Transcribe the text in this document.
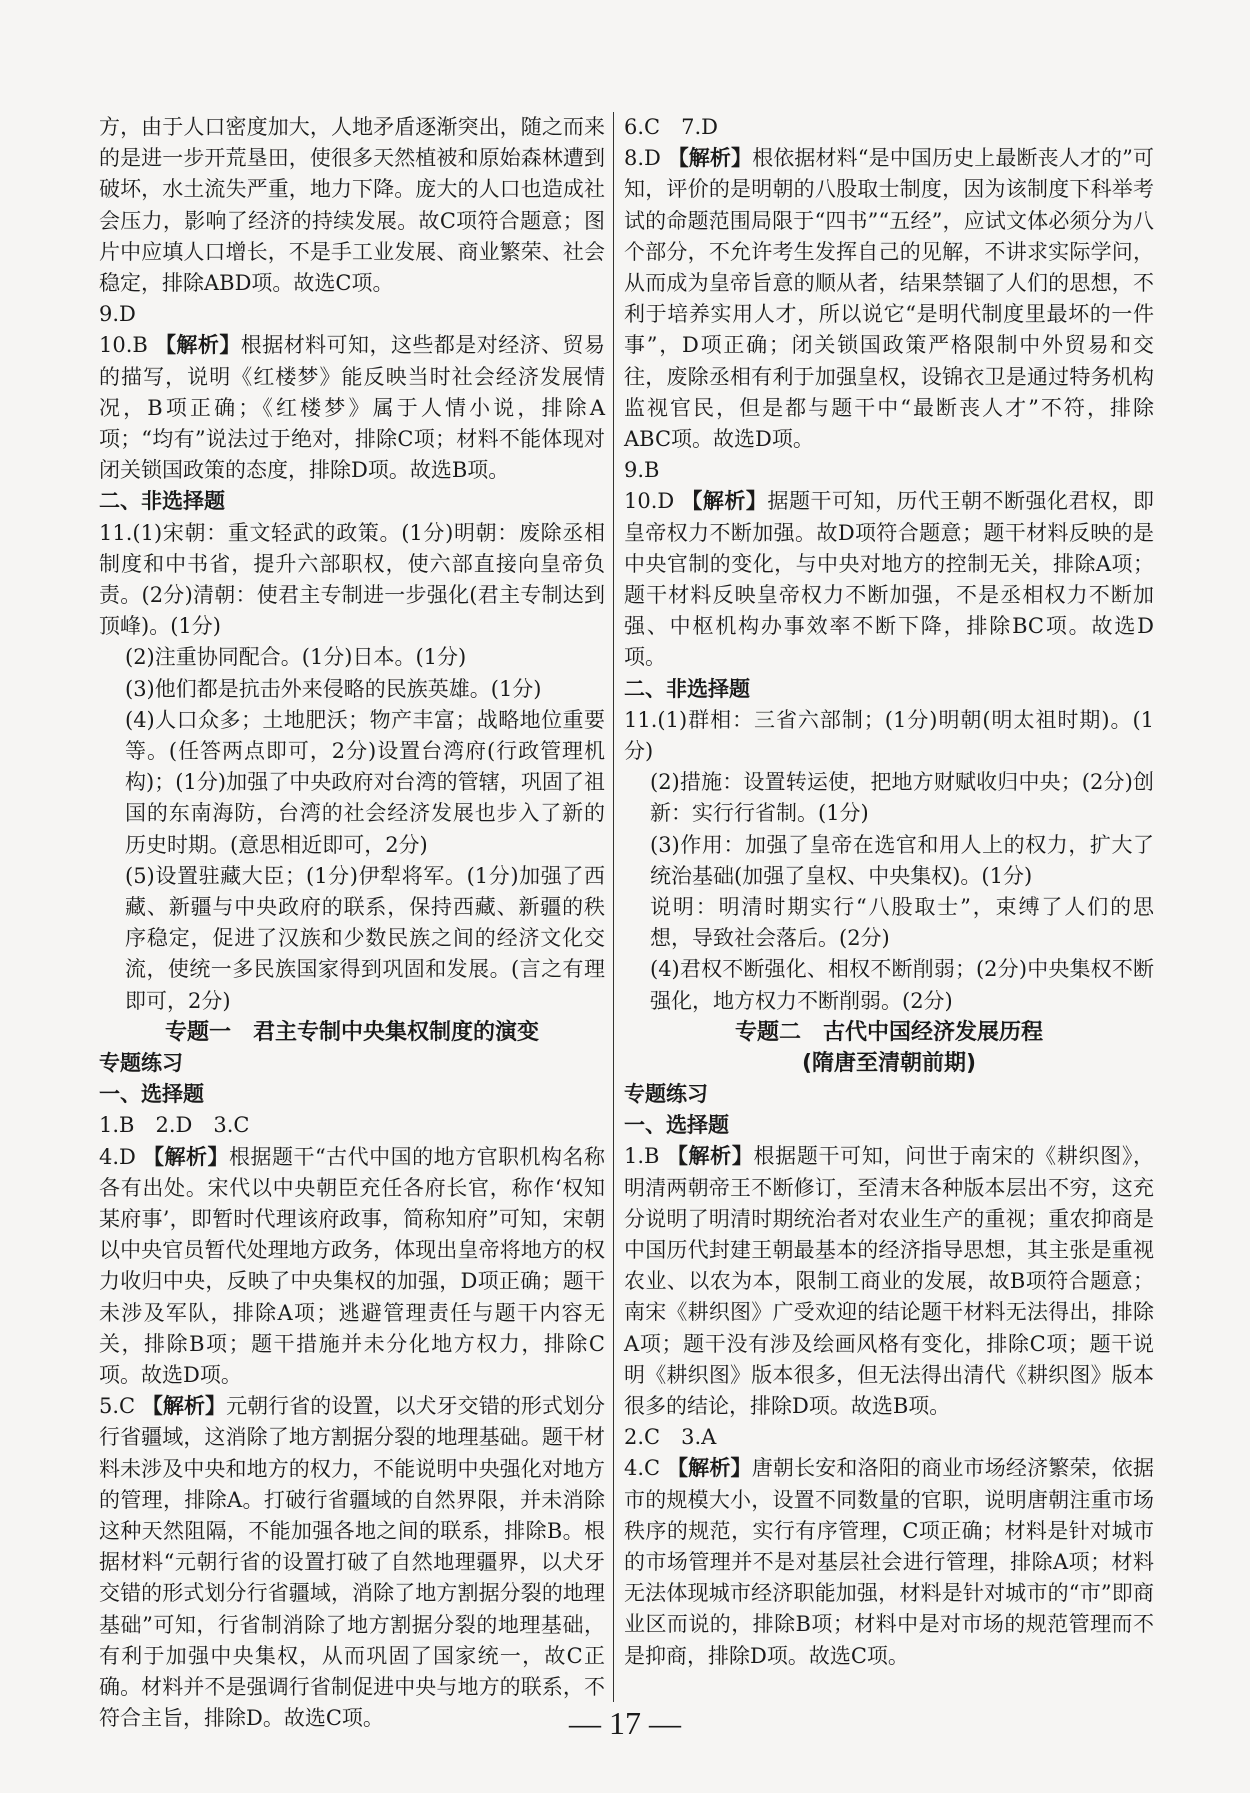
方，由于人口密度加大，人地矛盾逐渐突出，随之而来的是进一步开荒垦田，使很多天然植被和原始森林遭到破坏，水土流失严重，地力下降。庞大的人口也造成社会压力，影响了经济的持续发展。故C项符合题意；图片中应填人口增长，不是手工业发展、商业繁荣、社会稳定，排除ABD项。故选C项。
9.D
10.B 【解析】根据材料可知，这些都是对经济、贸易的描写，说明《红楼梦》能反映当时社会经济发展情况，B项正确；《红楼梦》属于人情小说，排除A项；“均有”说法过于绝对，排除C项；材料不能体现对闭关锁国政策的态度，排除D项。故选B项。
二、非选择题
11.(1)宋朝：重文轻武的政策。(1分)明朝：废除丞相制度和中书省，提升六部职权，使六部直接向皇帝负责。(2分)清朝：使君主专制进一步强化(君主专制达到顶峰)。(1分)
(2)注重协同配合。(1分)日本。(1分)
(3)他们都是抗击外来侵略的民族英雄。(1分)
(4)人口众多；土地肥沃；物产丰富；战略地位重要等。(任答两点即可，2分)设置台湾府(行政管理机构)；(1分)加强了中央政府对台湾的管辖，巩固了祖国的东南海防，台湾的社会经济发展也步入了新的历史时期。(意思相近即可，2分)
(5)设置驻藏大臣；(1分)伊犁将军。(1分)加强了西藏、新疆与中央政府的联系，保持西藏、新疆的秩序稳定，促进了汉族和少数民族之间的经济文化交流，使统一多民族国家得到巩固和发展。(言之有理即可，2分)
专题一　君主专制中央集权制度的演变
专题练习
一、选择题
1.B　2.D　3.C
4.D 【解析】根据题干“古代中国的地方官职机构名称各有出处。宋代以中央朝臣充任各府长官，称作‘权知某府事’，即暂时代理该府政事，简称知府”可知，宋朝以中央官员暂代处理地方政务，体现出皇帝将地方的权力收归中央，反映了中央集权的加强，D项正确；题干未涉及军队，排除A项；逃避管理责任与题干内容无关，排除B项；题干措施并未分化地方权力，排除C项。故选D项。
5.C 【解析】元朝行省的设置，以犬牙交错的形式划分行省疆域，这消除了地方割据分裂的地理基础。题干材料未涉及中央和地方的权力，不能说明中央强化对地方的管理，排除A。打破行省疆域的自然界限，并未消除这种天然阻隔，不能加强各地之间的联系，排除B。根据材料“元朝行省的设置打破了自然地理疆界，以犬牙交错的形式划分行省疆域，消除了地方割据分裂的地理基础”可知，行省制消除了地方割据分裂的地理基础，有利于加强中央集权，从而巩固了国家统一，故C正确。材料并不是强调行省制促进中央与地方的联系，不符合主旨，排除D。故选C项。
6.C　7.D
8.D 【解析】根依据材料“是中国历史上最断丧人才的”可知，评价的是明朝的八股取士制度，因为该制度下科举考试的命题范围局限于“四书”“五经”，应试文体必须分为八个部分，不允许考生发挥自己的见解，不讲求实际学问，从而成为皇帝旨意的顺从者，结果禁锢了人们的思想，不利于培养实用人才，所以说它“是明代制度里最坏的一件事”，D项正确；闭关锁国政策严格限制中外贸易和交往，废除丞相有利于加强皇权，设锦衣卫是通过特务机构监视官民，但是都与题干中“最断丧人才”不符，排除ABC项。故选D项。
9.B
10.D 【解析】据题干可知，历代王朝不断强化君权，即皇帝权力不断加强。故D项符合题意；题干材料反映的是中央官制的变化，与中央对地方的控制无关，排除A项；题干材料反映皇帝权力不断加强，不是丞相权力不断加强、中枢机构办事效率不断下降，排除BC项。故选D项。
二、非选择题
11.(1)群相：三省六部制；(1分)明朝(明太祖时期)。(1分)
(2)措施：设置转运使，把地方财赋收归中央；(2分)创新：实行行省制。(1分)
(3)作用：加强了皇帝在选官和用人上的权力，扩大了统治基础(加强了皇权、中央集权)。(1分)
说明：明清时期实行“八股取士”，束缚了人们的思想，导致社会落后。(2分)
(4)君权不断强化、相权不断削弱；(2分)中央集权不断强化，地方权力不断削弱。(2分)
专题二　古代中国经济发展历程
(隋唐至清朝前期)
专题练习
一、选择题
1.B 【解析】根据题干可知，问世于南宋的《耕织图》，明清两朝帝王不断修订，至清末各种版本层出不穷，这充分说明了明清时期统治者对农业生产的重视；重农抑商是中国历代封建王朝最基本的经济指导思想，其主张是重视农业、以农为本，限制工商业的发展，故B项符合题意；南宋《耕织图》广受欢迎的结论题干材料无法得出，排除A项；题干没有涉及绘画风格有变化，排除C项；题干说明《耕织图》版本很多，但无法得出清代《耕织图》版本很多的结论，排除D项。故选B项。
2.C　3.A
4.C 【解析】唐朝长安和洛阳的商业市场经济繁荣，依据市的规模大小，设置不同数量的官职，说明唐朝注重市场秩序的规范，实行有序管理，C项正确；材料是针对城市的市场管理并不是对基层社会进行管理，排除A项；材料无法体现城市经济职能加强，材料是针对城市的“市”即商业区而说的，排除B项；材料中是对市场的规范管理而不是抑商，排除D项。故选C项。
— 17 —
